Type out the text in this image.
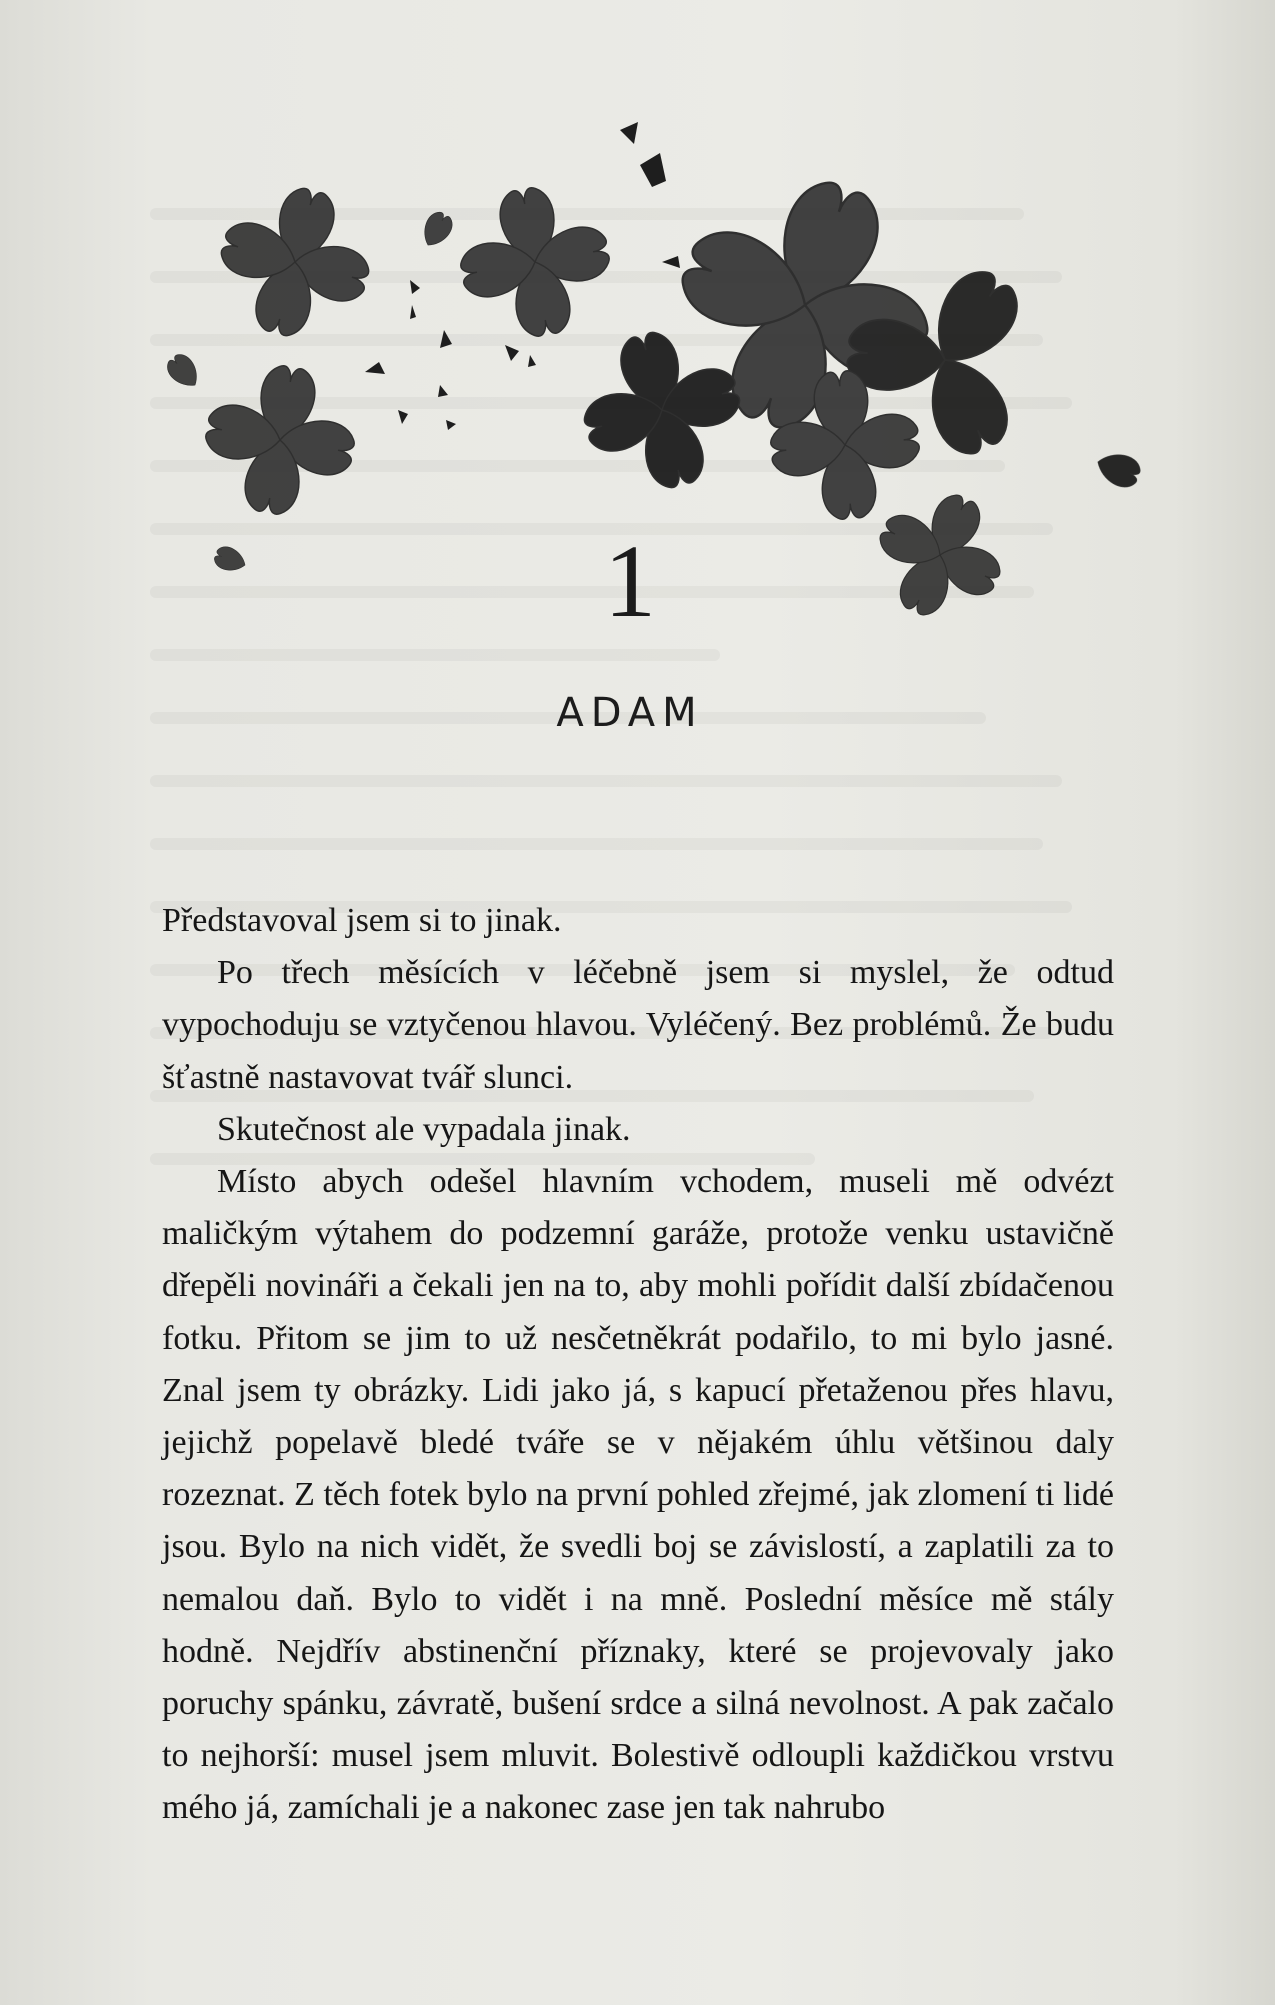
1
ADAM

Představoval jsem si to jinak.

Po třech měsících v léčebně jsem si myslel, že odtud vypochoduju se vztyčenou hlavou. Vyléčený. Bez problémů. Že budu šťastně nastavovat tvář slunci.

Skutečnost ale vypadala jinak.

Místo abych odešel hlavním vchodem, museli mě odvézt maličkým výtahem do podzemní garáže, protože venku ustavičně dřepěli novináři a čekali jen na to, aby mohli pořídit další zbídačenou fotku. Přitom se jim to už nesčetněkrát podařilo, to mi bylo jasné. Znal jsem ty obrázky. Lidi jako já, s kapucí přetaženou přes hlavu, jejichž popelavě bledé tváře se v nějakém úhlu většinou daly rozeznat. Z těch fotek bylo na první pohled zřejmé, jak zlomení ti lidé jsou. Bylo na nich vidět, že svedli boj se závislostí, a zaplatili za to nemalou daň. Bylo to vidět i na mně. Poslední měsíce mě stály hodně. Nejdřív abstinenční příznaky, které se projevovaly jako poruchy spánku, závratě, bušení srdce a silná nevolnost. A pak začalo to nejhorší: musel jsem mluvit. Bolestivě odloupli každičkou vrstvu mého já, zamíchali je a nakonec zase jen tak nahrubo
